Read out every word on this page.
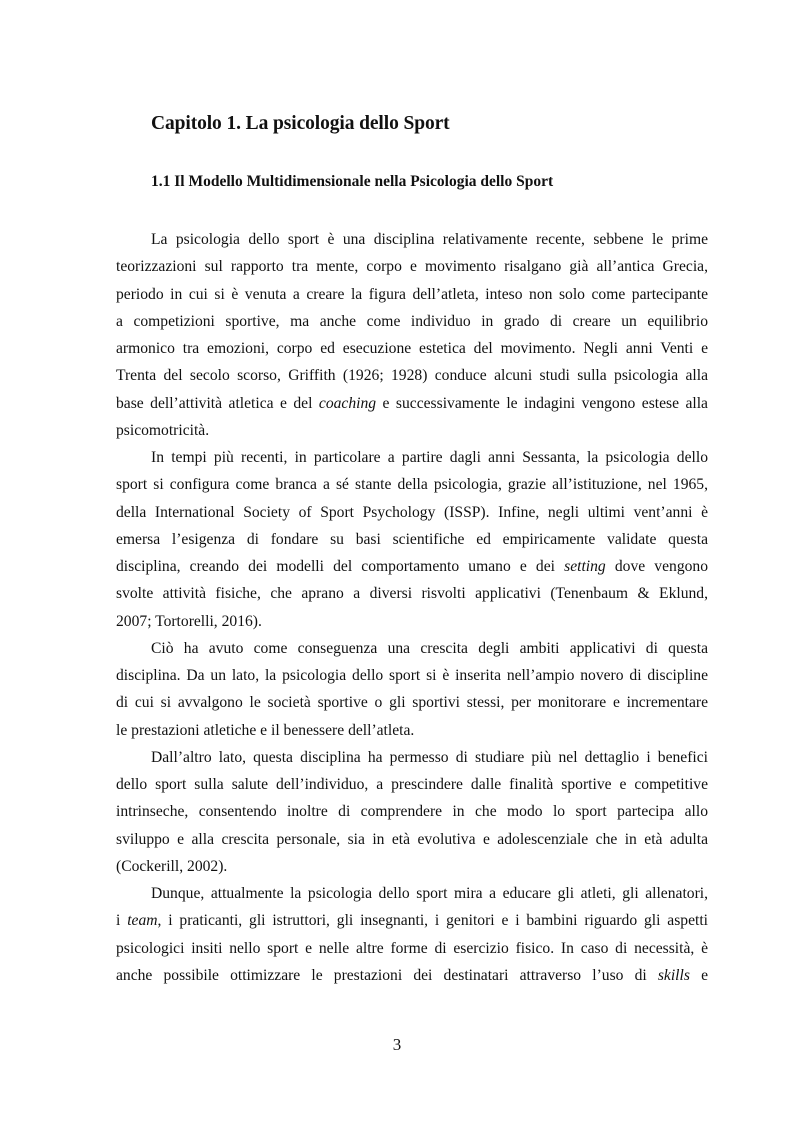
Capitolo 1. La psicologia dello Sport
1.1 Il Modello Multidimensionale nella Psicologia dello Sport
La psicologia dello sport è una disciplina relativamente recente, sebbene le prime
teorizzazioni sul rapporto tra mente, corpo e movimento risalgano già all’antica Grecia,
periodo in cui si è venuta a creare la figura dell’atleta, inteso non solo come partecipante
a competizioni sportive, ma anche come individuo in grado di creare un equilibrio
armonico tra emozioni, corpo ed esecuzione estetica del movimento. Negli anni Venti e
Trenta del secolo scorso, Griffith (1926; 1928) conduce alcuni studi sulla psicologia alla
base dell’attività atletica e del coaching e successivamente le indagini vengono estese alla
psicomotricità.
In tempi più recenti, in particolare a partire dagli anni Sessanta, la psicologia dello
sport si configura come branca a sé stante della psicologia, grazie all’istituzione, nel 1965,
della International Society of Sport Psychology (ISSP). Infine, negli ultimi vent’anni è
emersa l’esigenza di fondare su basi scientifiche ed empiricamente validate questa
disciplina, creando dei modelli del comportamento umano e dei setting dove vengono
svolte attività fisiche, che aprano a diversi risvolti applicativi (Tenenbaum & Eklund,
2007; Tortorelli, 2016).
Ciò ha avuto come conseguenza una crescita degli ambiti applicativi di questa
disciplina. Da un lato, la psicologia dello sport si è inserita nell’ampio novero di discipline
di cui si avvalgono le società sportive o gli sportivi stessi, per monitorare e incrementare
le prestazioni atletiche e il benessere dell’atleta.
Dall’altro lato, questa disciplina ha permesso di studiare più nel dettaglio i benefici
dello sport sulla salute dell’individuo, a prescindere dalle finalità sportive e competitive
intrinseche, consentendo inoltre di comprendere in che modo lo sport partecipa allo
sviluppo e alla crescita personale, sia in età evolutiva e adolescenziale che in età adulta
(Cockerill, 2002).
Dunque, attualmente la psicologia dello sport mira a educare gli atleti, gli allenatori,
i team, i praticanti, gli istruttori, gli insegnanti, i genitori e i bambini riguardo gli aspetti
psicologici insiti nello sport e nelle altre forme di esercizio fisico. In caso di necessità, è
anche possibile ottimizzare le prestazioni dei destinatari attraverso l’uso di skills e
3
